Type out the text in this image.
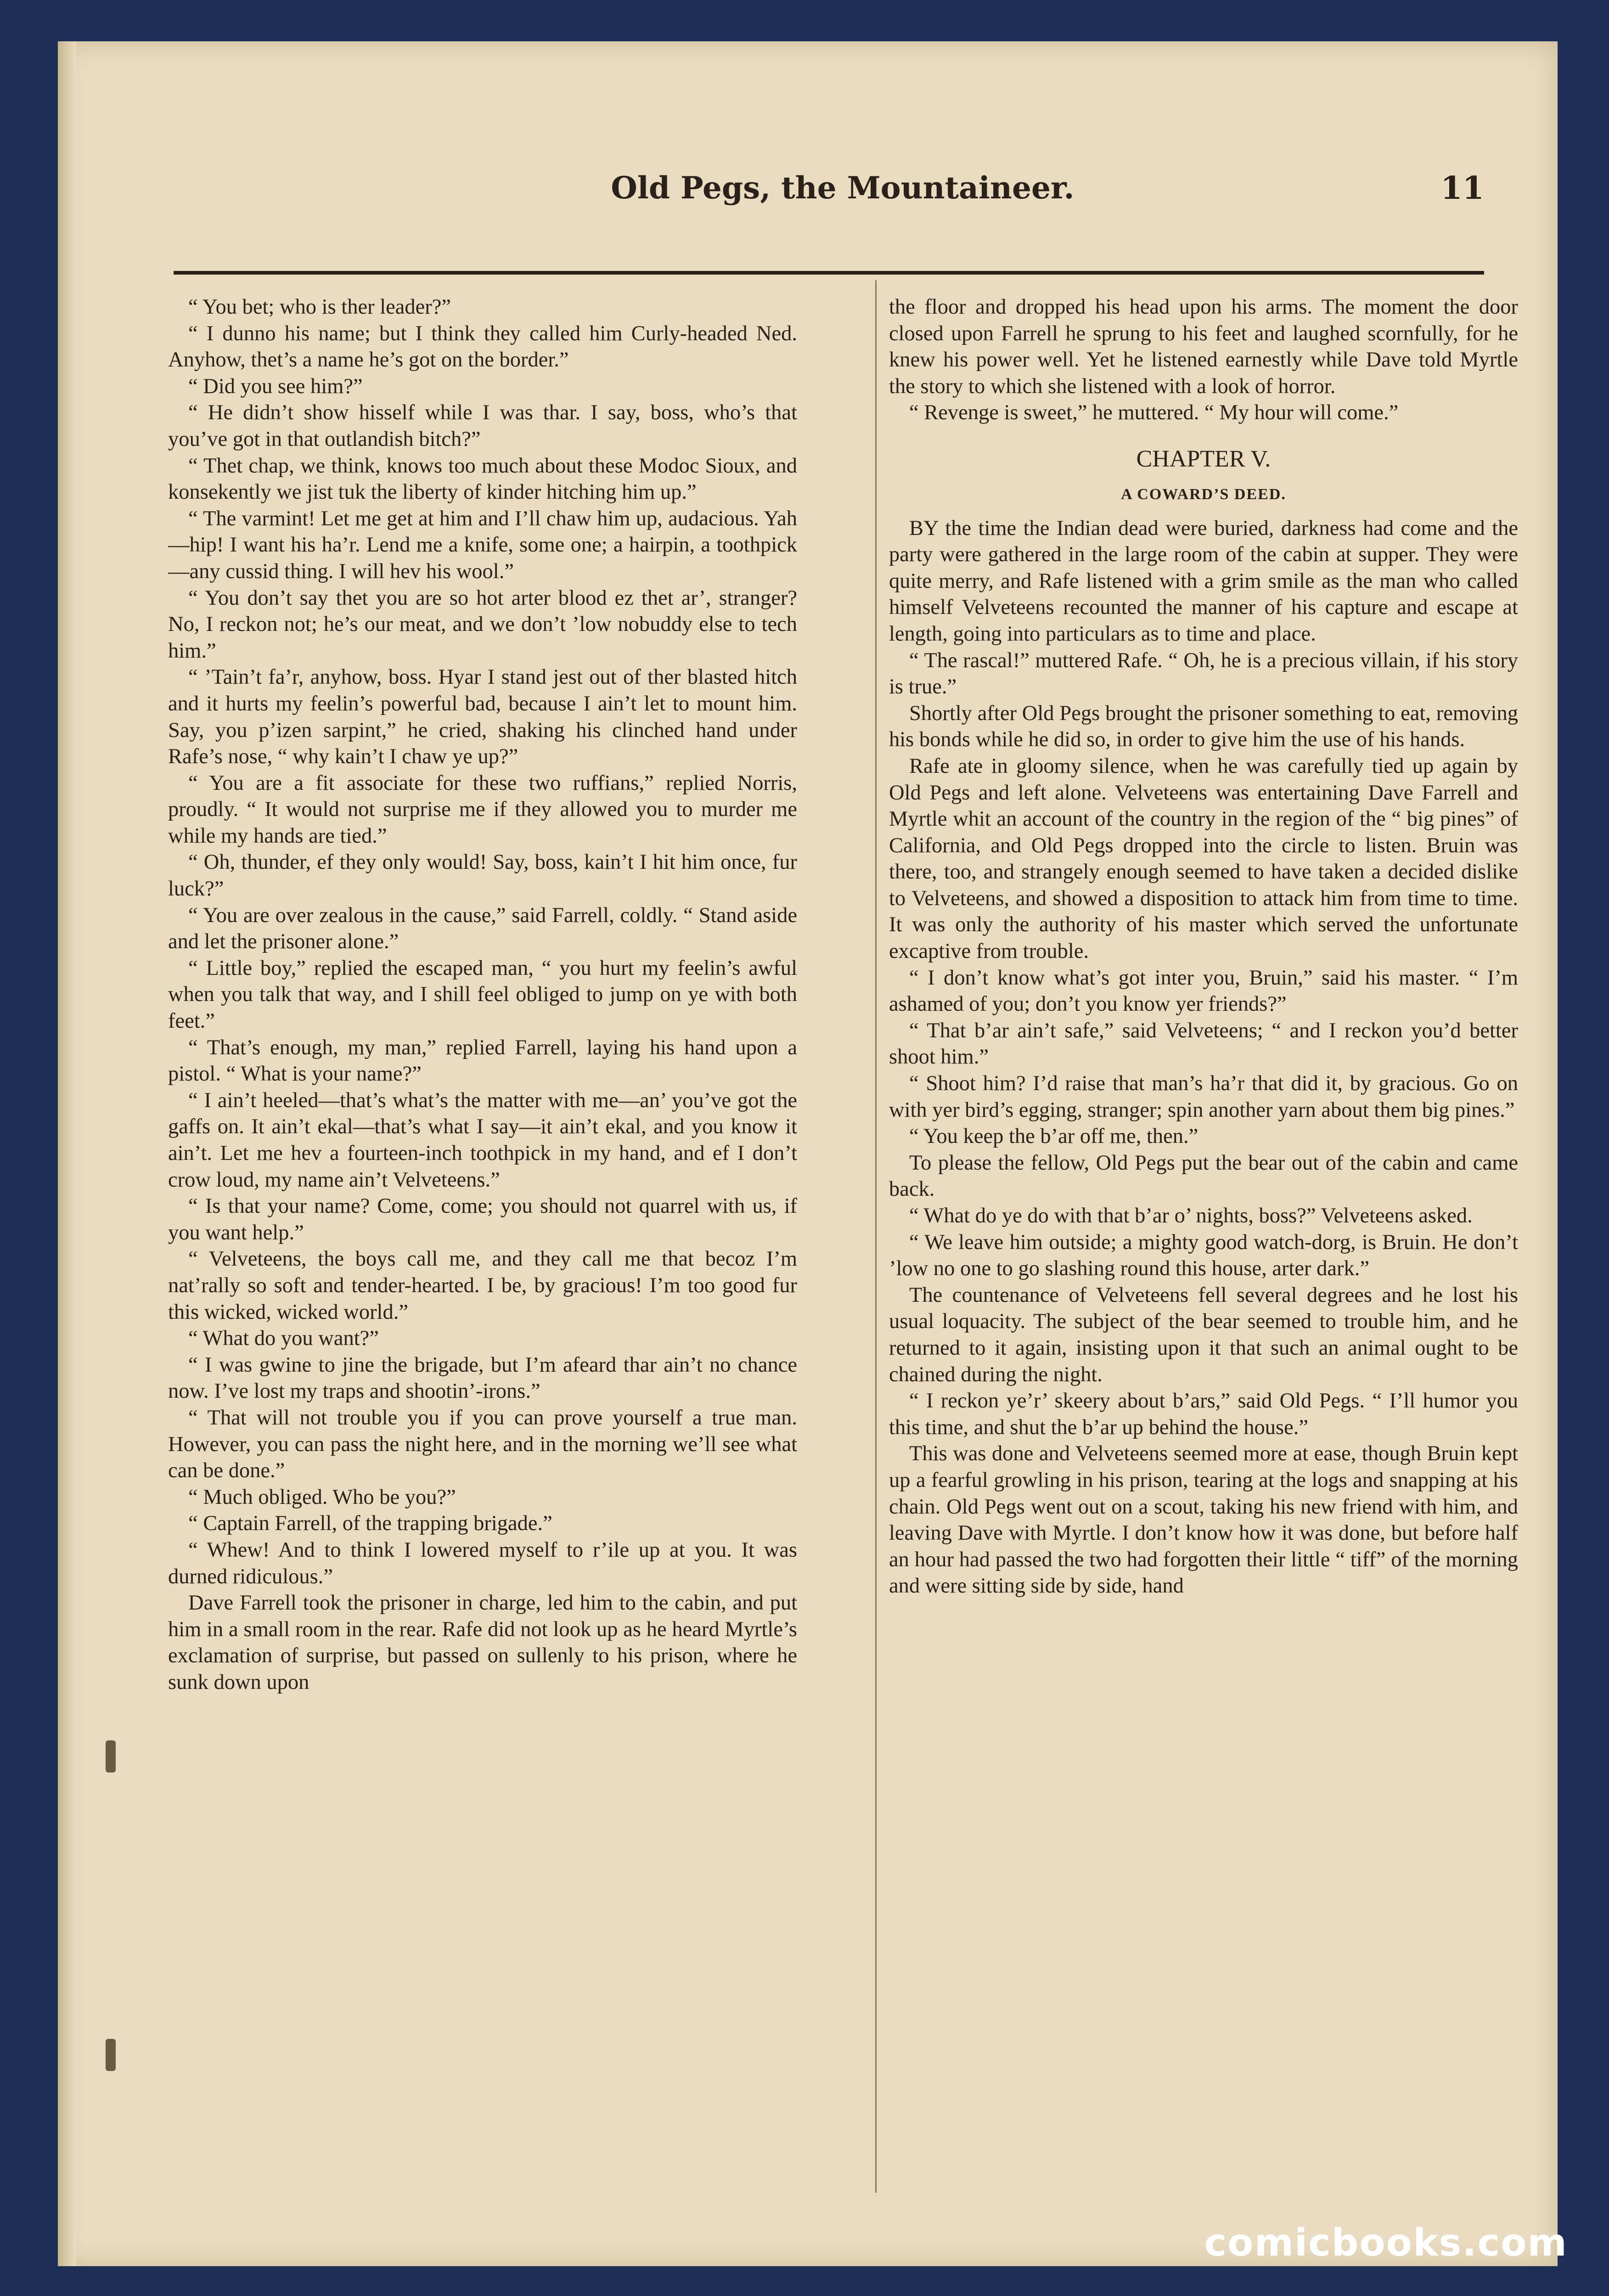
Old Pegs, the Mountaineer.	11

“ You bet; who is ther leader?”

“ I dunno his name; but I think they called him Curly-headed Ned. Anyhow, thet’s a name he’s got on the border.”

“ Did you see him?”

“ He didn’t show hisself while I was thar. I say, boss, who’s that you’ve got in that outlandish bitch?”

“ Thet chap, we think, knows too much about these Modoc Sioux, and konsekently we jist tuk the liberty of kinder hitching him up.”

“ The varmint! Let me get at him and I’ll chaw him up, audacious. Yah—hip! I want his ha’r. Lend me a knife, some one; a hairpin, a toothpick—any cussid thing. I will hev his wool.”

“ You don’t say thet you are so hot arter blood ez thet ar’, stranger? No, I reckon not; he’s our meat, and we don’t ’low nobuddy else to tech him.”

“ ’Tain’t fa’r, anyhow, boss. Hyar I stand jest out of ther blasted hitch and it hurts my feelin’s powerful bad, because I ain’t let to mount him. Say, you p’izen sarpint,” he cried, shaking his clinched hand under Rafe’s nose, “ why kain’t I chaw ye up?”

“ You are a fit associate for these two ruffians,” replied Norris, proudly. “ It would not surprise me if they allowed you to murder me while my hands are tied.”

“ Oh, thunder, ef they only would! Say, boss, kain’t I hit him once, fur luck?”

“ You are over zealous in the cause,” said Farrell, coldly. “ Stand aside and let the prisoner alone.”

“ Little boy,” replied the escaped man, “ you hurt my feelin’s awful when you talk that way, and I shill feel obliged to jump on ye with both feet.”

“ That’s enough, my man,” replied Farrell, laying his hand upon a pistol. “ What is your name?”

“ I ain’t heeled—that’s what’s the matter with me—an’ you’ve got the gaffs on. It ain’t ekal—that’s what I say—it ain’t ekal, and you know it ain’t. Let me hev a fourteen-inch toothpick in my hand, and ef I don’t crow loud, my name ain’t Velveteens.”

“ Is that your name? Come, come; you should not quarrel with us, if you want help.”

“ Velveteens, the boys call me, and they call me that becoz I’m nat’rally so soft and tender-hearted. I be, by gracious! I’m too good fur this wicked, wicked world.”

“ What do you want?”

“ I was gwine to jine the brigade, but I’m afeard thar ain’t no chance now. I’ve lost my traps and shootin’-irons.”

“ That will not trouble you if you can prove yourself a true man. However, you can pass the night here, and in the morning we’ll see what can be done.”

“ Much obliged. Who be you?”

“ Captain Farrell, of the trapping brigade.”

“ Whew! And to think I lowered myself to r’ile up at you. It was durned ridiculous.”

Dave Farrell took the prisoner in charge, led him to the cabin, and put him in a small room in the rear. Rafe did not look up as he heard Myrtle’s exclamation of surprise, but passed on sullenly to his prison, where he sunk down upon

the floor and dropped his head upon his arms. The moment the door closed upon Farrell he sprung to his feet and laughed scornfully, for he knew his power well. Yet he listened earnestly while Dave told Myrtle the story to which she listened with a look of horror.

“ Revenge is sweet,” he muttered. “ My hour will come.”

CHAPTER V.
A COWARD’S DEED.

BY the time the Indian dead were buried, darkness had come and the party were gathered in the large room of the cabin at supper. They were quite merry, and Rafe listened with a grim smile as the man who called himself Velveteens recounted the manner of his capture and escape at length, going into particulars as to time and place.

“ The rascal!” muttered Rafe. “ Oh, he is a precious villain, if his story is true.”

Shortly after Old Pegs brought the prisoner something to eat, removing his bonds while he did so, in order to give him the use of his hands.

Rafe ate in gloomy silence, when he was carefully tied up again by Old Pegs and left alone. Velveteens was entertaining Dave Farrell and Myrtle whit an account of the country in the region of the “ big pines” of California, and Old Pegs dropped into the circle to listen. Bruin was there, too, and strangely enough seemed to have taken a decided dislike to Velveteens, and showed a disposition to attack him from time to time. It was only the authority of his master which served the unfortunate excaptive from trouble.

“ I don’t know what’s got inter you, Bruin,” said his master. “ I’m ashamed of you; don’t you know yer friends?”

“ That b’ar ain’t safe,” said Velveteens; “ and I reckon you’d better shoot him.”

“ Shoot him? I’d raise that man’s ha’r that did it, by gracious. Go on with yer bird’s egging, stranger; spin another yarn about them big pines.”

“ You keep the b’ar off me, then.”

To please the fellow, Old Pegs put the bear out of the cabin and came back.

“ What do ye do with that b’ar o’ nights, boss?” Velveteens asked.

“ We leave him outside; a mighty good watch-dorg, is Bruin. He don’t ’low no one to go slashing round this house, arter dark.”

The countenance of Velveteens fell several degrees and he lost his usual loquacity. The subject of the bear seemed to trouble him, and he returned to it again, insisting upon it that such an animal ought to be chained during the night.

“ I reckon ye’r’ skeery about b’ars,” said Old Pegs. “ I’ll humor you this time, and shut the b’ar up behind the house.”

This was done and Velveteens seemed more at ease, though Bruin kept up a fearful growling in his prison, tearing at the logs and snapping at his chain. Old Pegs went out on a scout, taking his new friend with him, and leaving Dave with Myrtle. I don’t know how it was done, but before half an hour had passed the two had forgotten their little “ tiff” of the morning and were sitting side by side, hand

comicbooks.com
